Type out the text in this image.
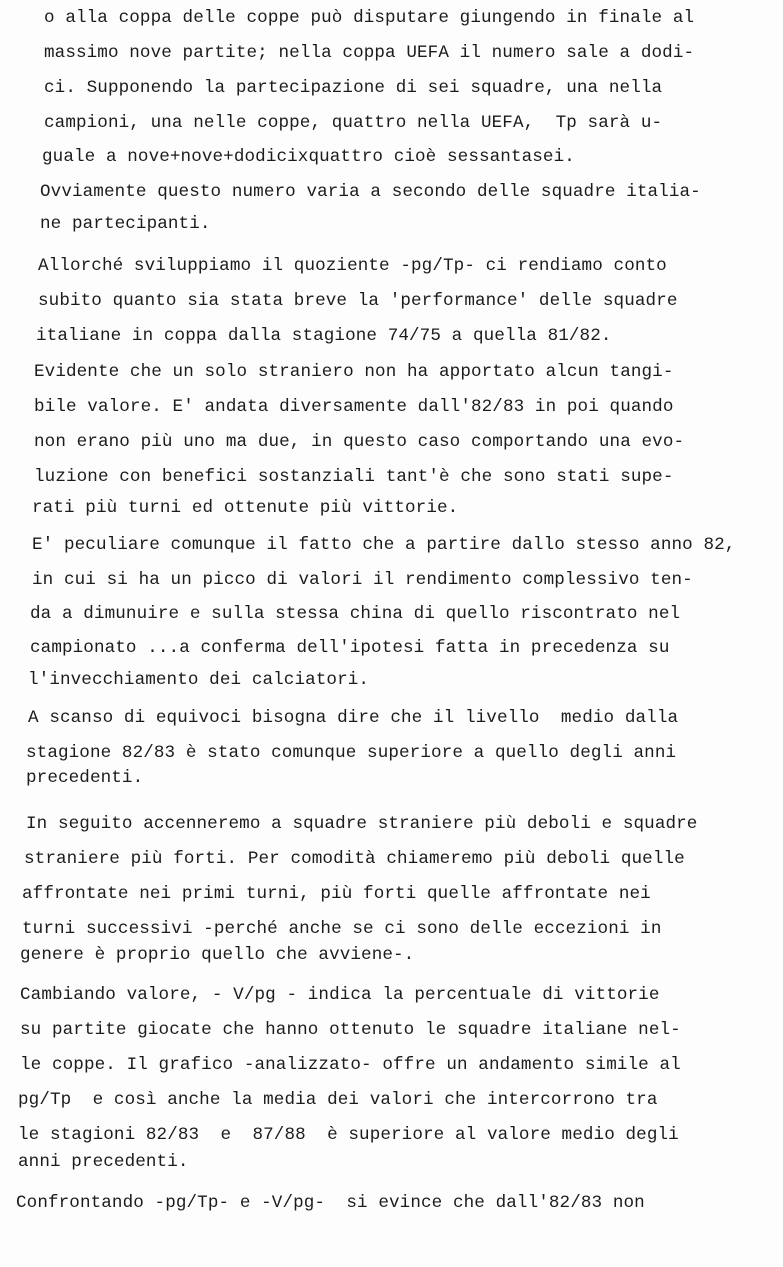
o alla coppa delle coppe può disputare giungendo in finale al
massimo nove partite; nella coppa UEFA il numero sale a dodi-
ci. Supponendo la partecipazione di sei squadre, una nella
campioni, una nelle coppe, quattro nella UEFA,  Tp sarà u-
guale a nove+nove+dodicixquattro cioè sessantasei.
Ovviamente questo numero varia a secondo delle squadre italia-
ne partecipanti.
Allorché sviluppiamo il quoziente -pg/Tp- ci rendiamo conto
subito quanto sia stata breve la 'performance' delle squadre
italiane in coppa dalla stagione 74/75 a quella 81/82.
Evidente che un solo straniero non ha apportato alcun tangi-
bile valore. E' andata diversamente dall'82/83 in poi quando
non erano più uno ma due, in questo caso comportando una evo-
luzione con benefici sostanziali tant'è che sono stati supe-
rati più turni ed ottenute più vittorie.
E' peculiare comunque il fatto che a partire dallo stesso anno 82,
in cui si ha un picco di valori il rendimento complessivo ten-
da a dimunuire e sulla stessa china di quello riscontrato nel
campionato ...a conferma dell'ipotesi fatta in precedenza su
l'invecchiamento dei calciatori.
A scanso di equivoci bisogna dire che il livello  medio dalla
stagione 82/83 è stato comunque superiore a quello degli anni
precedenti.
In seguito accenneremo a squadre straniere più deboli e squadre
straniere più forti. Per comodità chiameremo più deboli quelle
affrontate nei primi turni, più forti quelle affrontate nei
turni successivi -perché anche se ci sono delle eccezioni in
genere è proprio quello che avviene-.
Cambiando valore, - V/pg - indica la percentuale di vittorie
su partite giocate che hanno ottenuto le squadre italiane nel-
le coppe. Il grafico -analizzato- offre un andamento simile al
pg/Tp  e così anche la media dei valori che intercorrono tra
le stagioni 82/83  e  87/88  è superiore al valore medio degli
anni precedenti.
Confrontando -pg/Tp- e -V/pg-  si evince che dall'82/83 non
